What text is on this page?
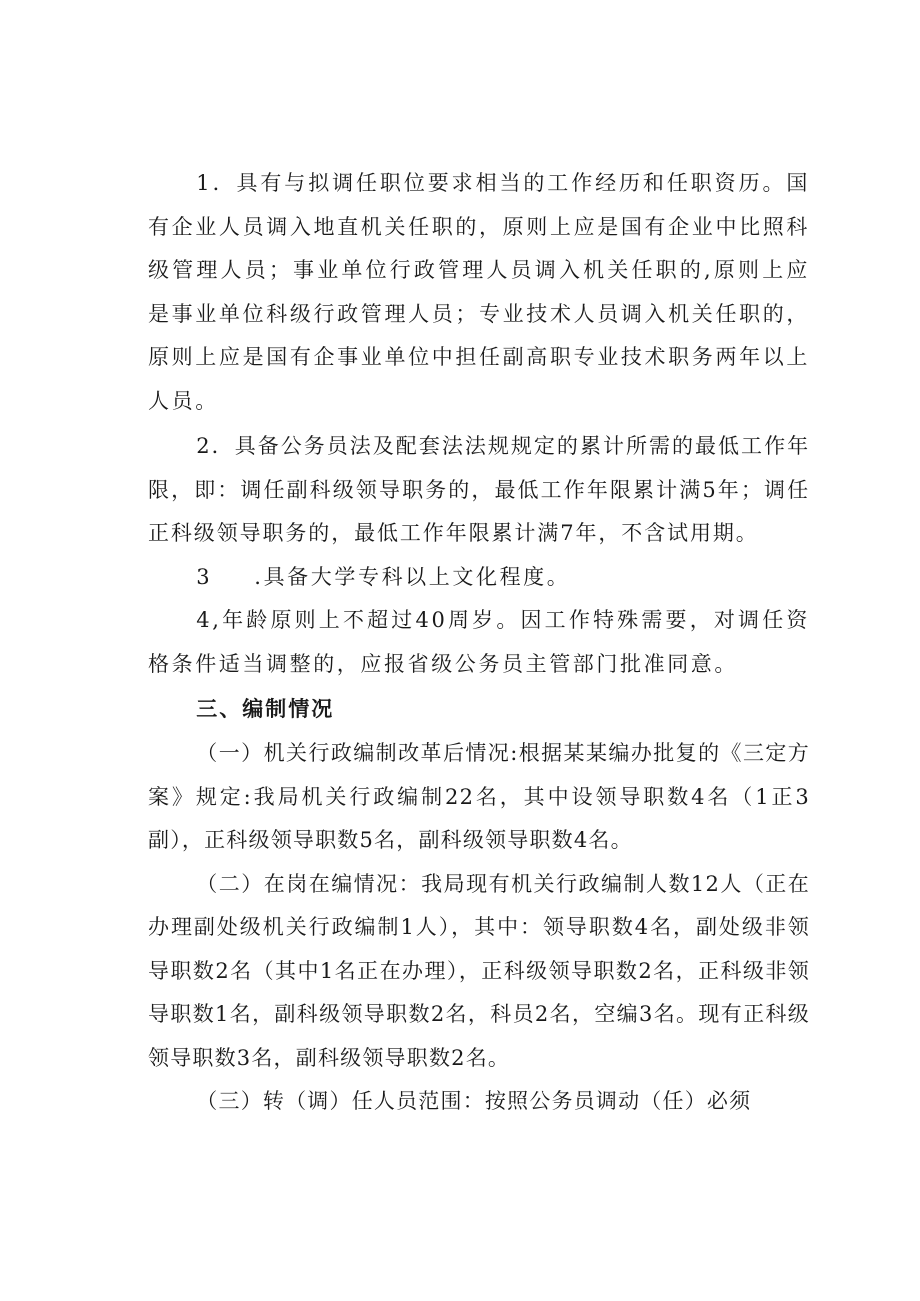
1．具有与拟调任职位要求相当的工作经历和任职资历。国有企业人员调入地直机关任职的，原则上应是国有企业中比照科级管理人员；事业单位行政管理人员调入机关任职的,原则上应是事业单位科级行政管理人员；专业技术人员调入机关任职的，原则上应是国有企事业单位中担任副高职专业技术职务两年以上人员。

2．具备公务员法及配套法法规规定的累计所需的最低工作年限，即：调任副科级领导职务的，最低工作年限累计满5年；调任正科级领导职务的，最低工作年限累计满7年，不含试用期。

3 .具备大学专科以上文化程度。

4,年龄原则上不超过40周岁。因工作特殊需要，对调任资格条件适当调整的，应报省级公务员主管部门批准同意。

三、编制情况

（一）机关行政编制改革后情况:根据某某编办批复的《三定方案》规定:我局机关行政编制22名，其中设领导职数4名（1正3副），正科级领导职数5名，副科级领导职数4名。

（二）在岗在编情况：我局现有机关行政编制人数12人（正在办理副处级机关行政编制1人），其中：领导职数4名，副处级非领导职数2名（其中1名正在办理），正科级领导职数2名，正科级非领导职数1名，副科级领导职数2名，科员2名，空编3名。现有正科级领导职数3名，副科级领导职数2名。

（三）转（调）任人员范围：按照公务员调动（任）必须
